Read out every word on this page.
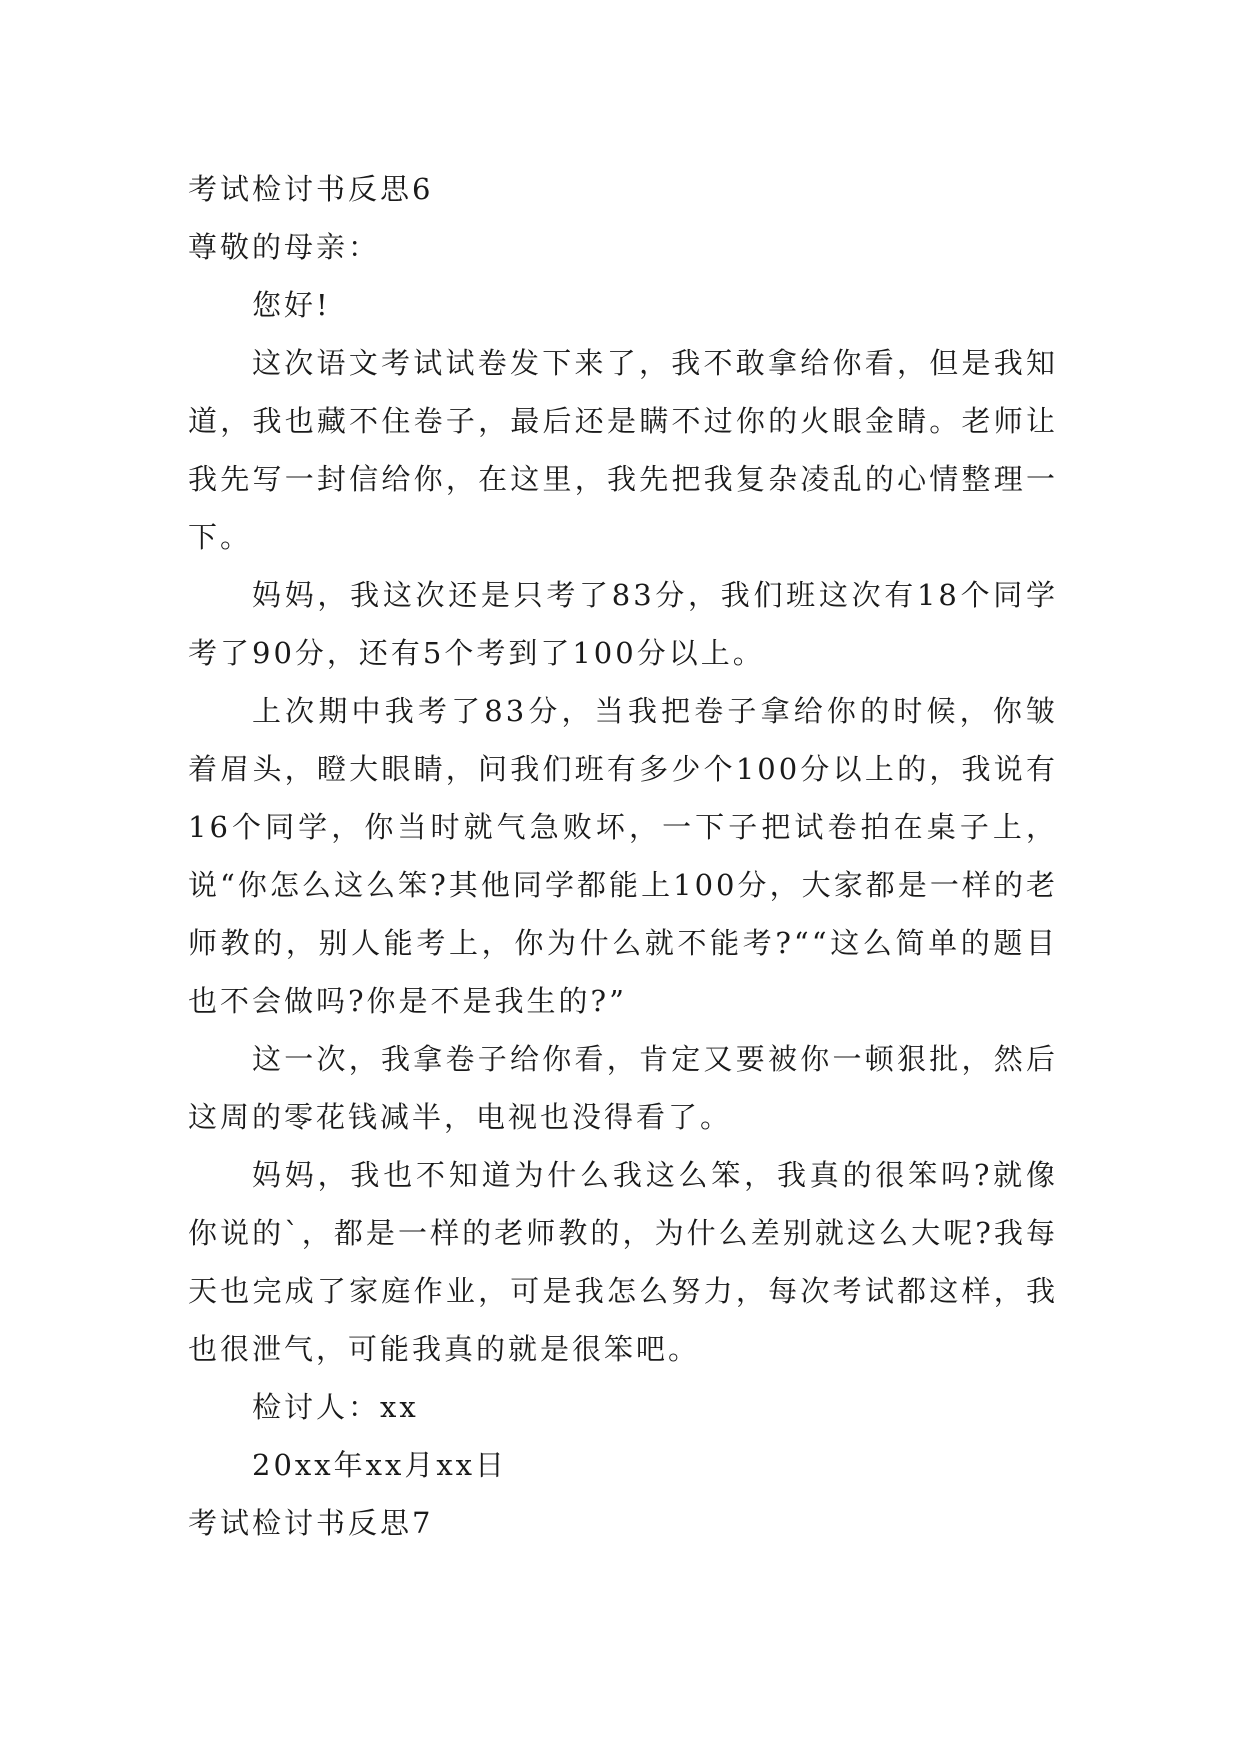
考试检讨书反思6

尊敬的母亲：

您好!

这次语文考试试卷发下来了，我不敢拿给你看，但是我知道，我也藏不住卷子，最后还是瞒不过你的火眼金睛。老师让我先写一封信给你，在这里，我先把我复杂凌乱的心情整理一下。

妈妈，我这次还是只考了83分，我们班这次有18个同学考了90分，还有5个考到了100分以上。

上次期中我考了83分，当我把卷子拿给你的时候，你皱着眉头，瞪大眼睛，问我们班有多少个100分以上的，我说有16个同学，你当时就气急败坏，一下子把试卷拍在桌子上，说“你怎么这么笨?其他同学都能上100分，大家都是一样的老师教的，别人能考上，你为什么就不能考?““这么简单的题目也不会做吗?你是不是我生的?”

这一次，我拿卷子给你看，肯定又要被你一顿狠批，然后这周的零花钱减半，电视也没得看了。

妈妈，我也不知道为什么我这么笨，我真的很笨吗?就像你说的`，都是一样的老师教的，为什么差别就这么大呢?我每天也完成了家庭作业，可是我怎么努力，每次考试都这样，我也很泄气，可能我真的就是很笨吧。

检讨人：xx

20xx年xx月xx日

考试检讨书反思7
